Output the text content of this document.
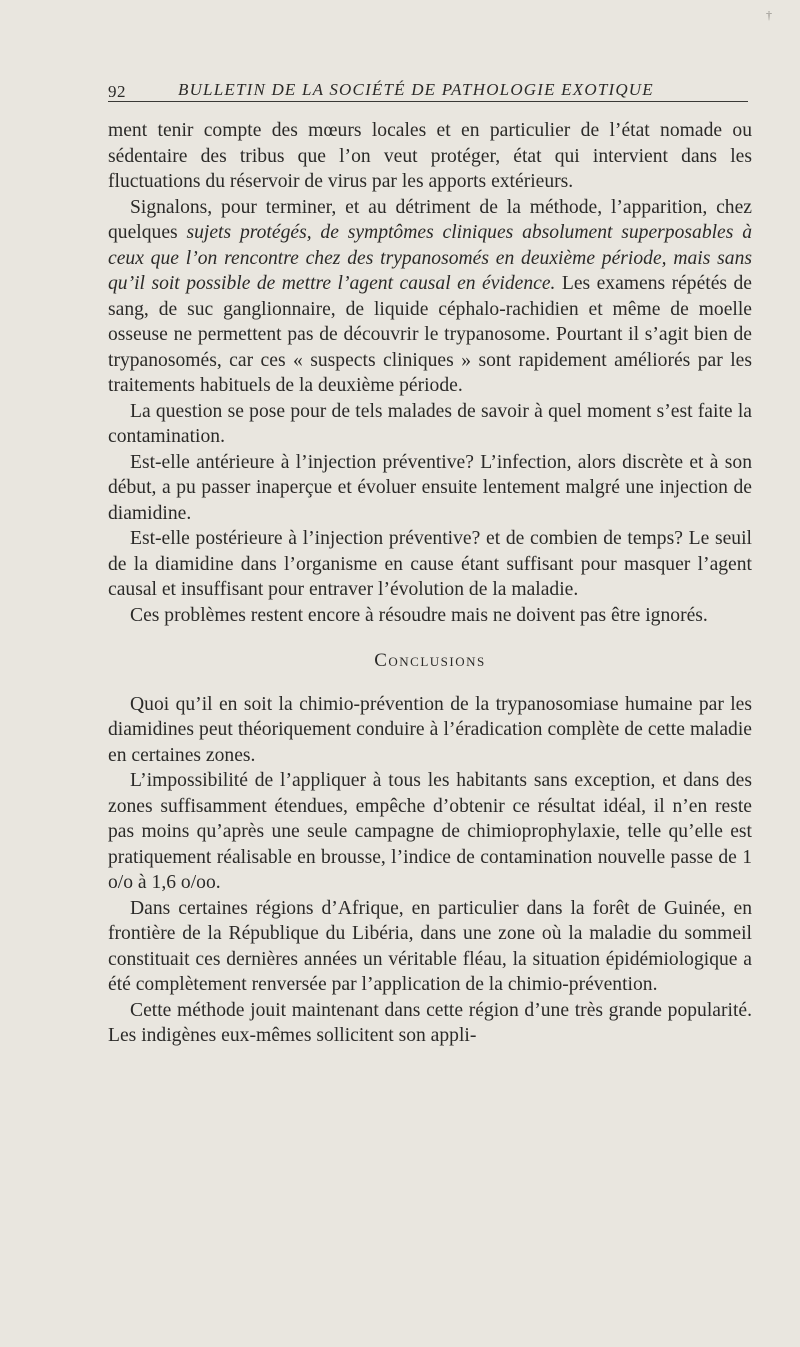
†
92	BULLETIN DE LA SOCIÉTÉ DE PATHOLOGIE EXOTIQUE

ment tenir compte des mœurs locales et en particulier de l’état nomade ou sédentaire des tribus que l’on veut protéger, état qui intervient dans les fluctuations du réservoir de virus par les apports extérieurs.

Signalons, pour terminer, et au détriment de la méthode, l’apparition, chez quelques sujets protégés, de symptômes cliniques absolument superposables à ceux que l’on rencontre chez des trypanosomés en deuxième période, mais sans qu’il soit possible de mettre l’agent causal en évidence. Les examens répétés de sang, de suc ganglionnaire, de liquide céphalo-rachidien et même de moelle osseuse ne permettent pas de découvrir le trypanosome. Pourtant il s’agit bien de trypanosomés, car ces « suspects cliniques » sont rapidement améliorés par les traitements habituels de la deuxième période.

La question se pose pour de tels malades de savoir à quel moment s’est faite la contamination.

Est-elle antérieure à l’injection préventive? L’infection, alors discrète et à son début, a pu passer inaperçue et évoluer ensuite lentement malgré une injection de diamidine.

Est-elle postérieure à l’injection préventive? et de combien de temps? Le seuil de la diamidine dans l’organisme en cause étant suffisant pour masquer l’agent causal et insuffisant pour entraver l’évolution de la maladie.

Ces problèmes restent encore à résoudre mais ne doivent pas être ignorés.

Conclusions

Quoi qu’il en soit la chimio-prévention de la trypanosomiase humaine par les diamidines peut théoriquement conduire à l’éradication complète de cette maladie en certaines zones.

L’impossibilité de l’appliquer à tous les habitants sans exception, et dans des zones suffisamment étendues, empêche d’obtenir ce résultat idéal, il n’en reste pas moins qu’après une seule campagne de chimioprophylaxie, telle qu’elle est pratiquement réalisable en brousse, l’indice de contamination nouvelle passe de 1 o/o à 1,6 o/oo.

Dans certaines régions d’Afrique, en particulier dans la forêt de Guinée, en frontière de la République du Libéria, dans une zone où la maladie du sommeil constituait ces dernières années un véritable fléau, la situation épidémiologique a été complètement renversée par l’application de la chimio-prévention.

Cette méthode jouit maintenant dans cette région d’une très grande popularité. Les indigènes eux-mêmes sollicitent son appli-
